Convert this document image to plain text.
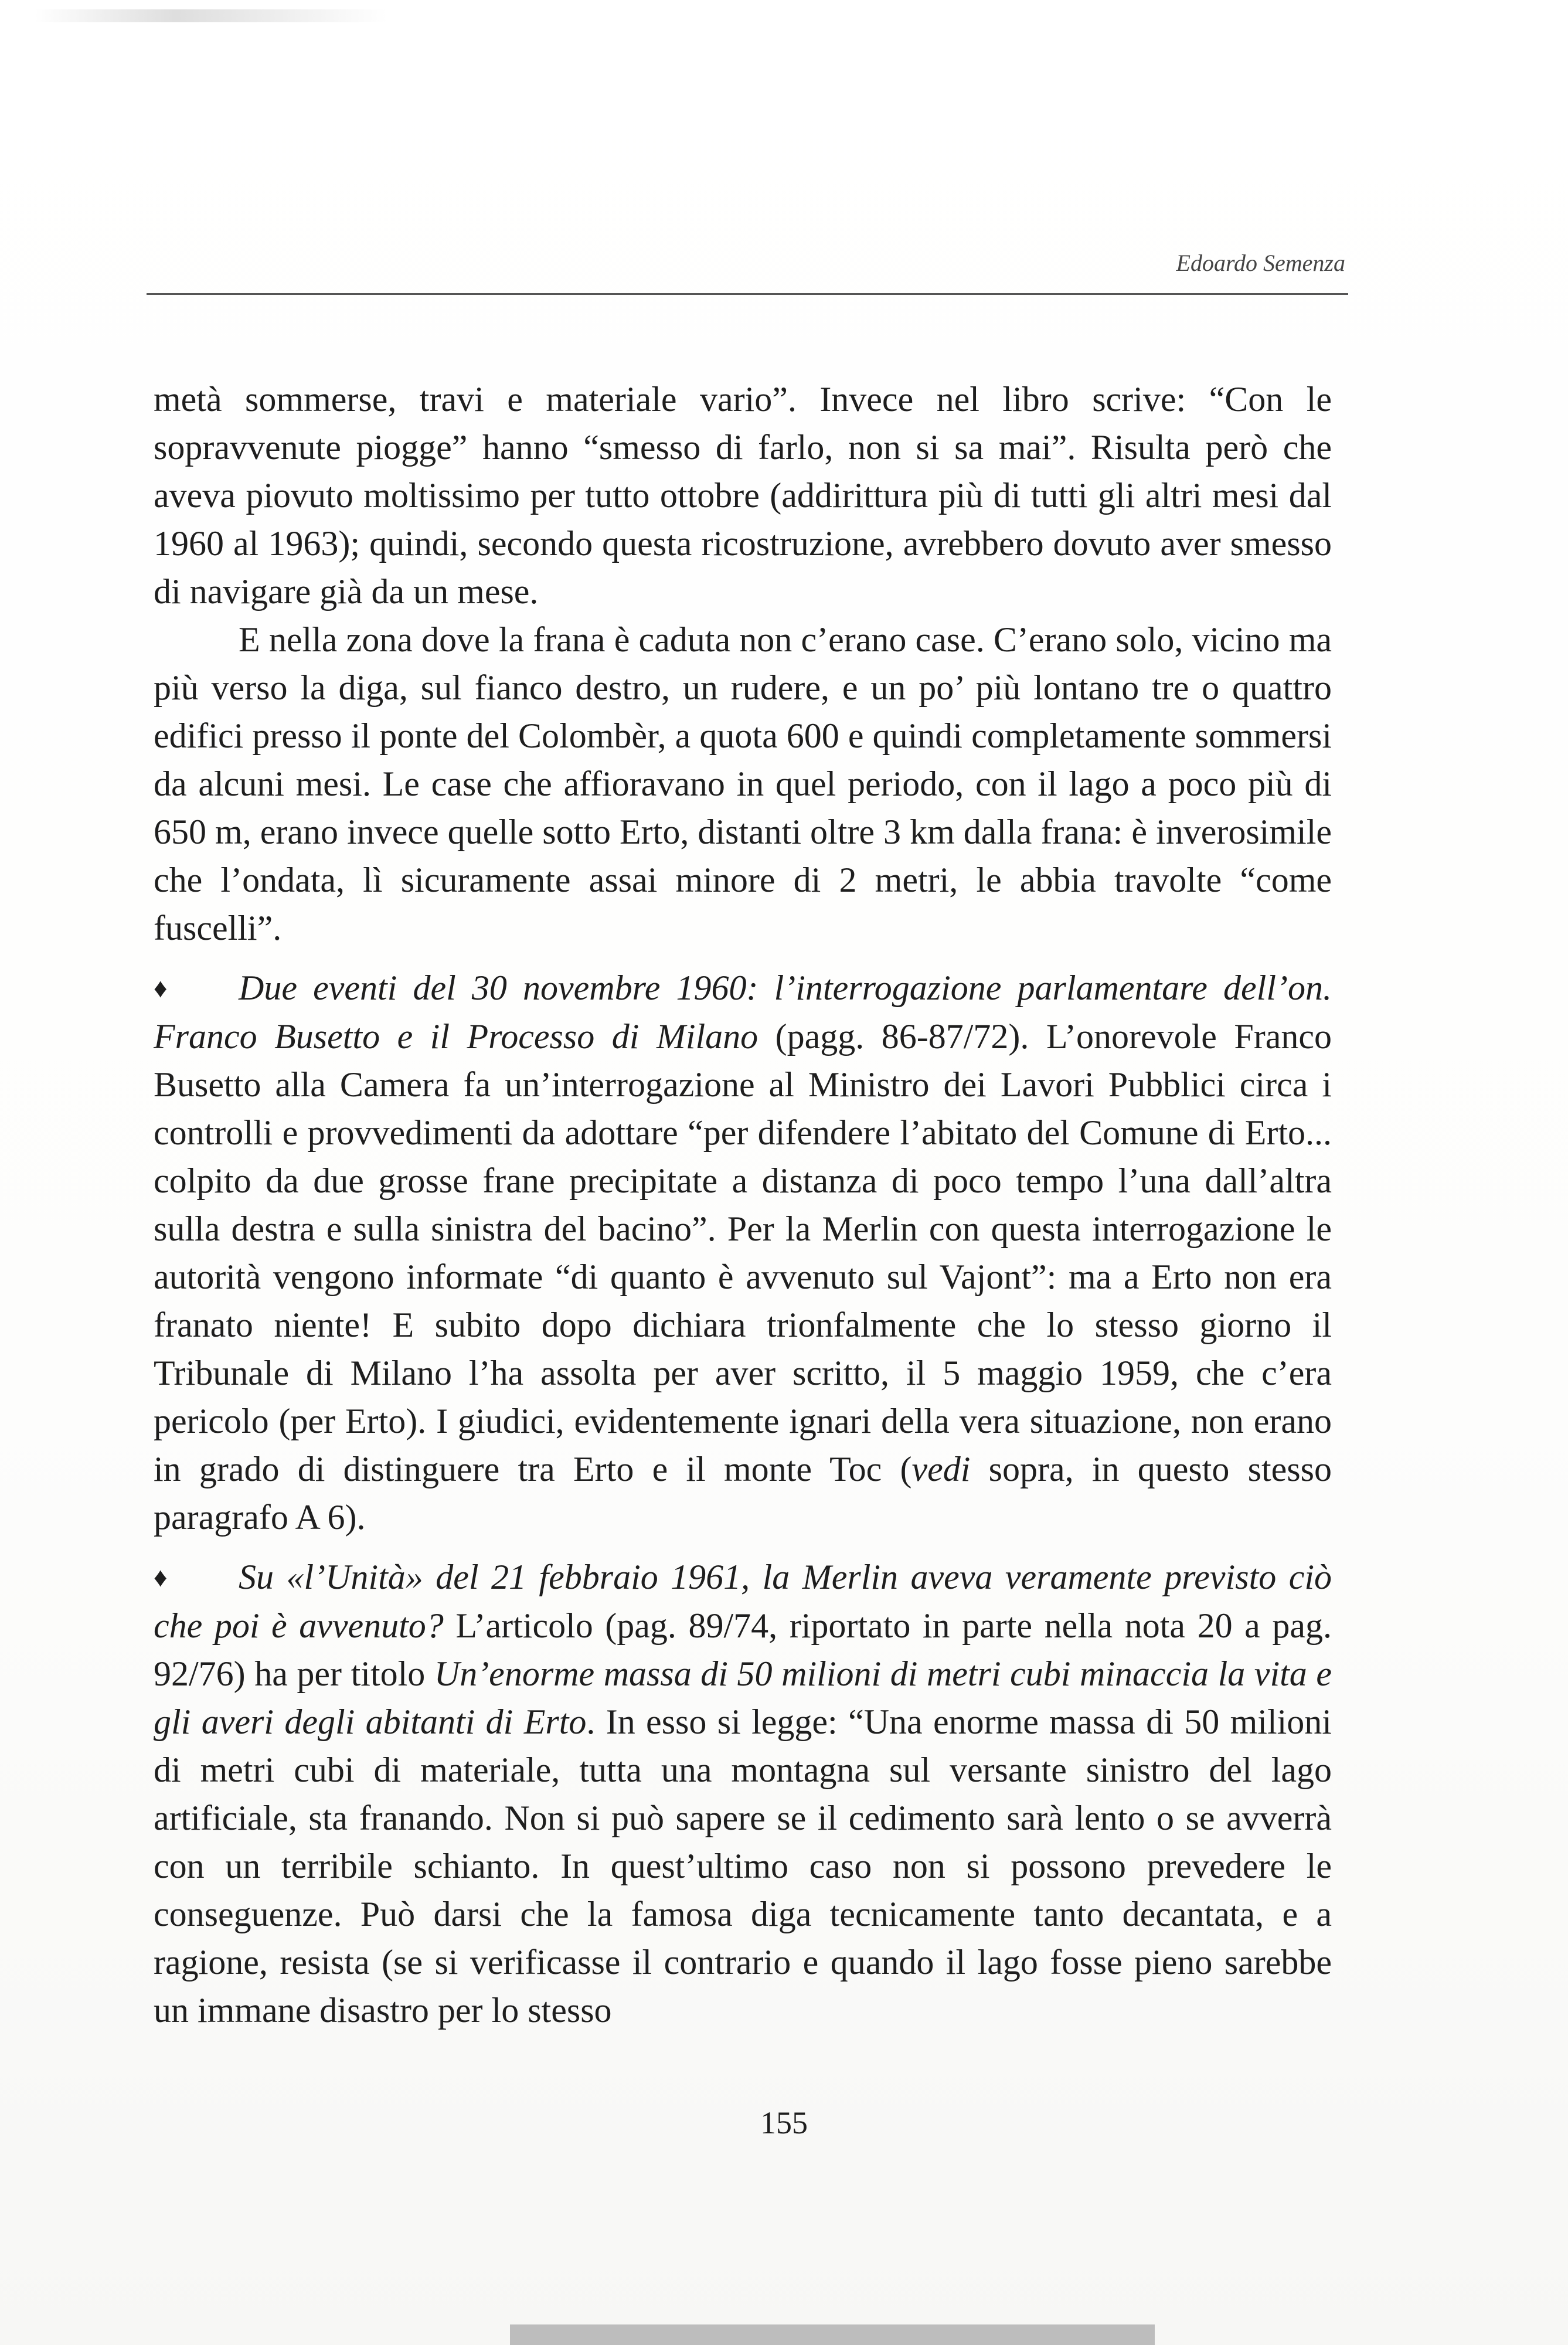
Edoardo Semenza

metà sommerse, travi e materiale vario”. Invece nel libro scrive: “Con le sopravvenute piogge” hanno “smesso di farlo, non si sa mai”. Risulta però che aveva piovuto moltissimo per tutto ottobre (addirittura più di tutti gli altri mesi dal 1960 al 1963); quindi, secondo questa ricostruzione, avrebbero dovuto aver smesso di navigare già da un mese.

E nella zona dove la frana è caduta non c’erano case. C’erano solo, vicino ma più verso la diga, sul fianco destro, un rudere, e un po’ più lontano tre o quattro edifici presso il ponte del Colombèr, a quota 600 e quindi completamente sommersi da alcuni mesi. Le case che affioravano in quel periodo, con il lago a poco più di 650 m, erano invece quelle sotto Erto, distanti oltre 3 km dalla frana: è inverosimile che l’ondata, lì sicuramente assai minore di 2 metri, le abbia travolte “come fuscelli”.

♦ Due eventi del 30 novembre 1960: l’interrogazione parlamentare dell’on. Franco Busetto e il Processo di Milano (pagg. 86-87/72). L’onorevole Franco Busetto alla Camera fa un’interrogazione al Ministro dei Lavori Pubblici circa i controlli e provvedimenti da adottare “per difendere l’abitato del Comune di Erto... colpito da due grosse frane precipitate a distanza di poco tempo l’una dall’altra sulla destra e sulla sinistra del bacino”. Per la Merlin con questa interrogazione le autorità vengono informate “di quanto è avvenuto sul Vajont”: ma a Erto non era franato niente! E subito dopo dichiara trionfalmente che lo stesso giorno il Tribunale di Milano l’ha assolta per aver scritto, il 5 maggio 1959, che c’era pericolo (per Erto). I giudici, evidentemente ignari della vera situazione, non erano in grado di distinguere tra Erto e il monte Toc (vedi sopra, in questo stesso paragrafo A 6).

♦ Su «l’Unità» del 21 febbraio 1961, la Merlin aveva veramente previsto ciò che poi è avvenuto? L’articolo (pag. 89/74, riportato in parte nella nota 20 a pag. 92/76) ha per titolo Un’enorme massa di 50 milioni di metri cubi minaccia la vita e gli averi degli abitanti di Erto. In esso si legge: “Una enorme massa di 50 milioni di metri cubi di materiale, tutta una montagna sul versante sinistro del lago artificiale, sta franando. Non si può sapere se il cedimento sarà lento o se avverrà con un terribile schianto. In quest’ultimo caso non si possono prevedere le conseguenze. Può darsi che la famosa diga tecnicamente tanto decantata, e a ragione, resista (se si verificasse il contrario e quando il lago fosse pieno sarebbe un immane disastro per lo stesso

155
